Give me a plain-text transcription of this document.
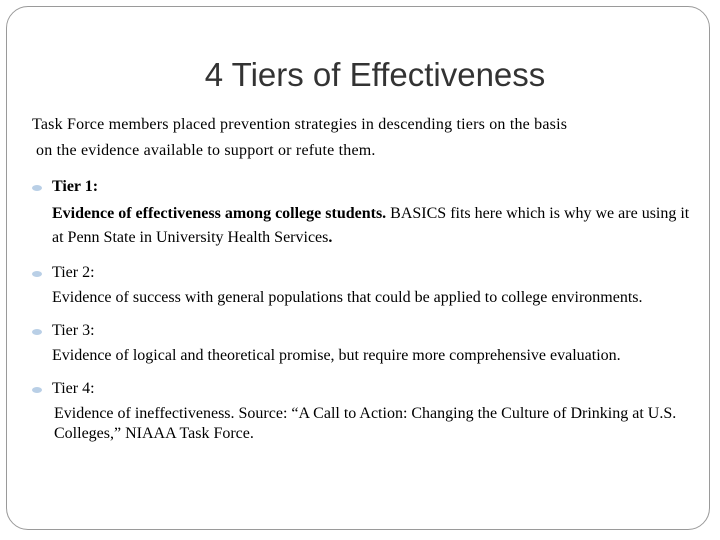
4 Tiers of Effectiveness

Task Force members placed prevention strategies in descending tiers on the basis
on the evidence available to support or refute them.

Tier 1:
Evidence of effectiveness among college students. BASICS fits here which is why we are using it at Penn State in University Health Services.
Tier 2:
Evidence of success with general populations that could be applied to college environments.
Tier 3:
Evidence of logical and theoretical promise, but require more comprehensive evaluation.
Tier 4:
Evidence of ineffectiveness. Source: “A Call to Action: Changing the Culture of Drinking at U.S. Colleges,” NIAAA Task Force.
